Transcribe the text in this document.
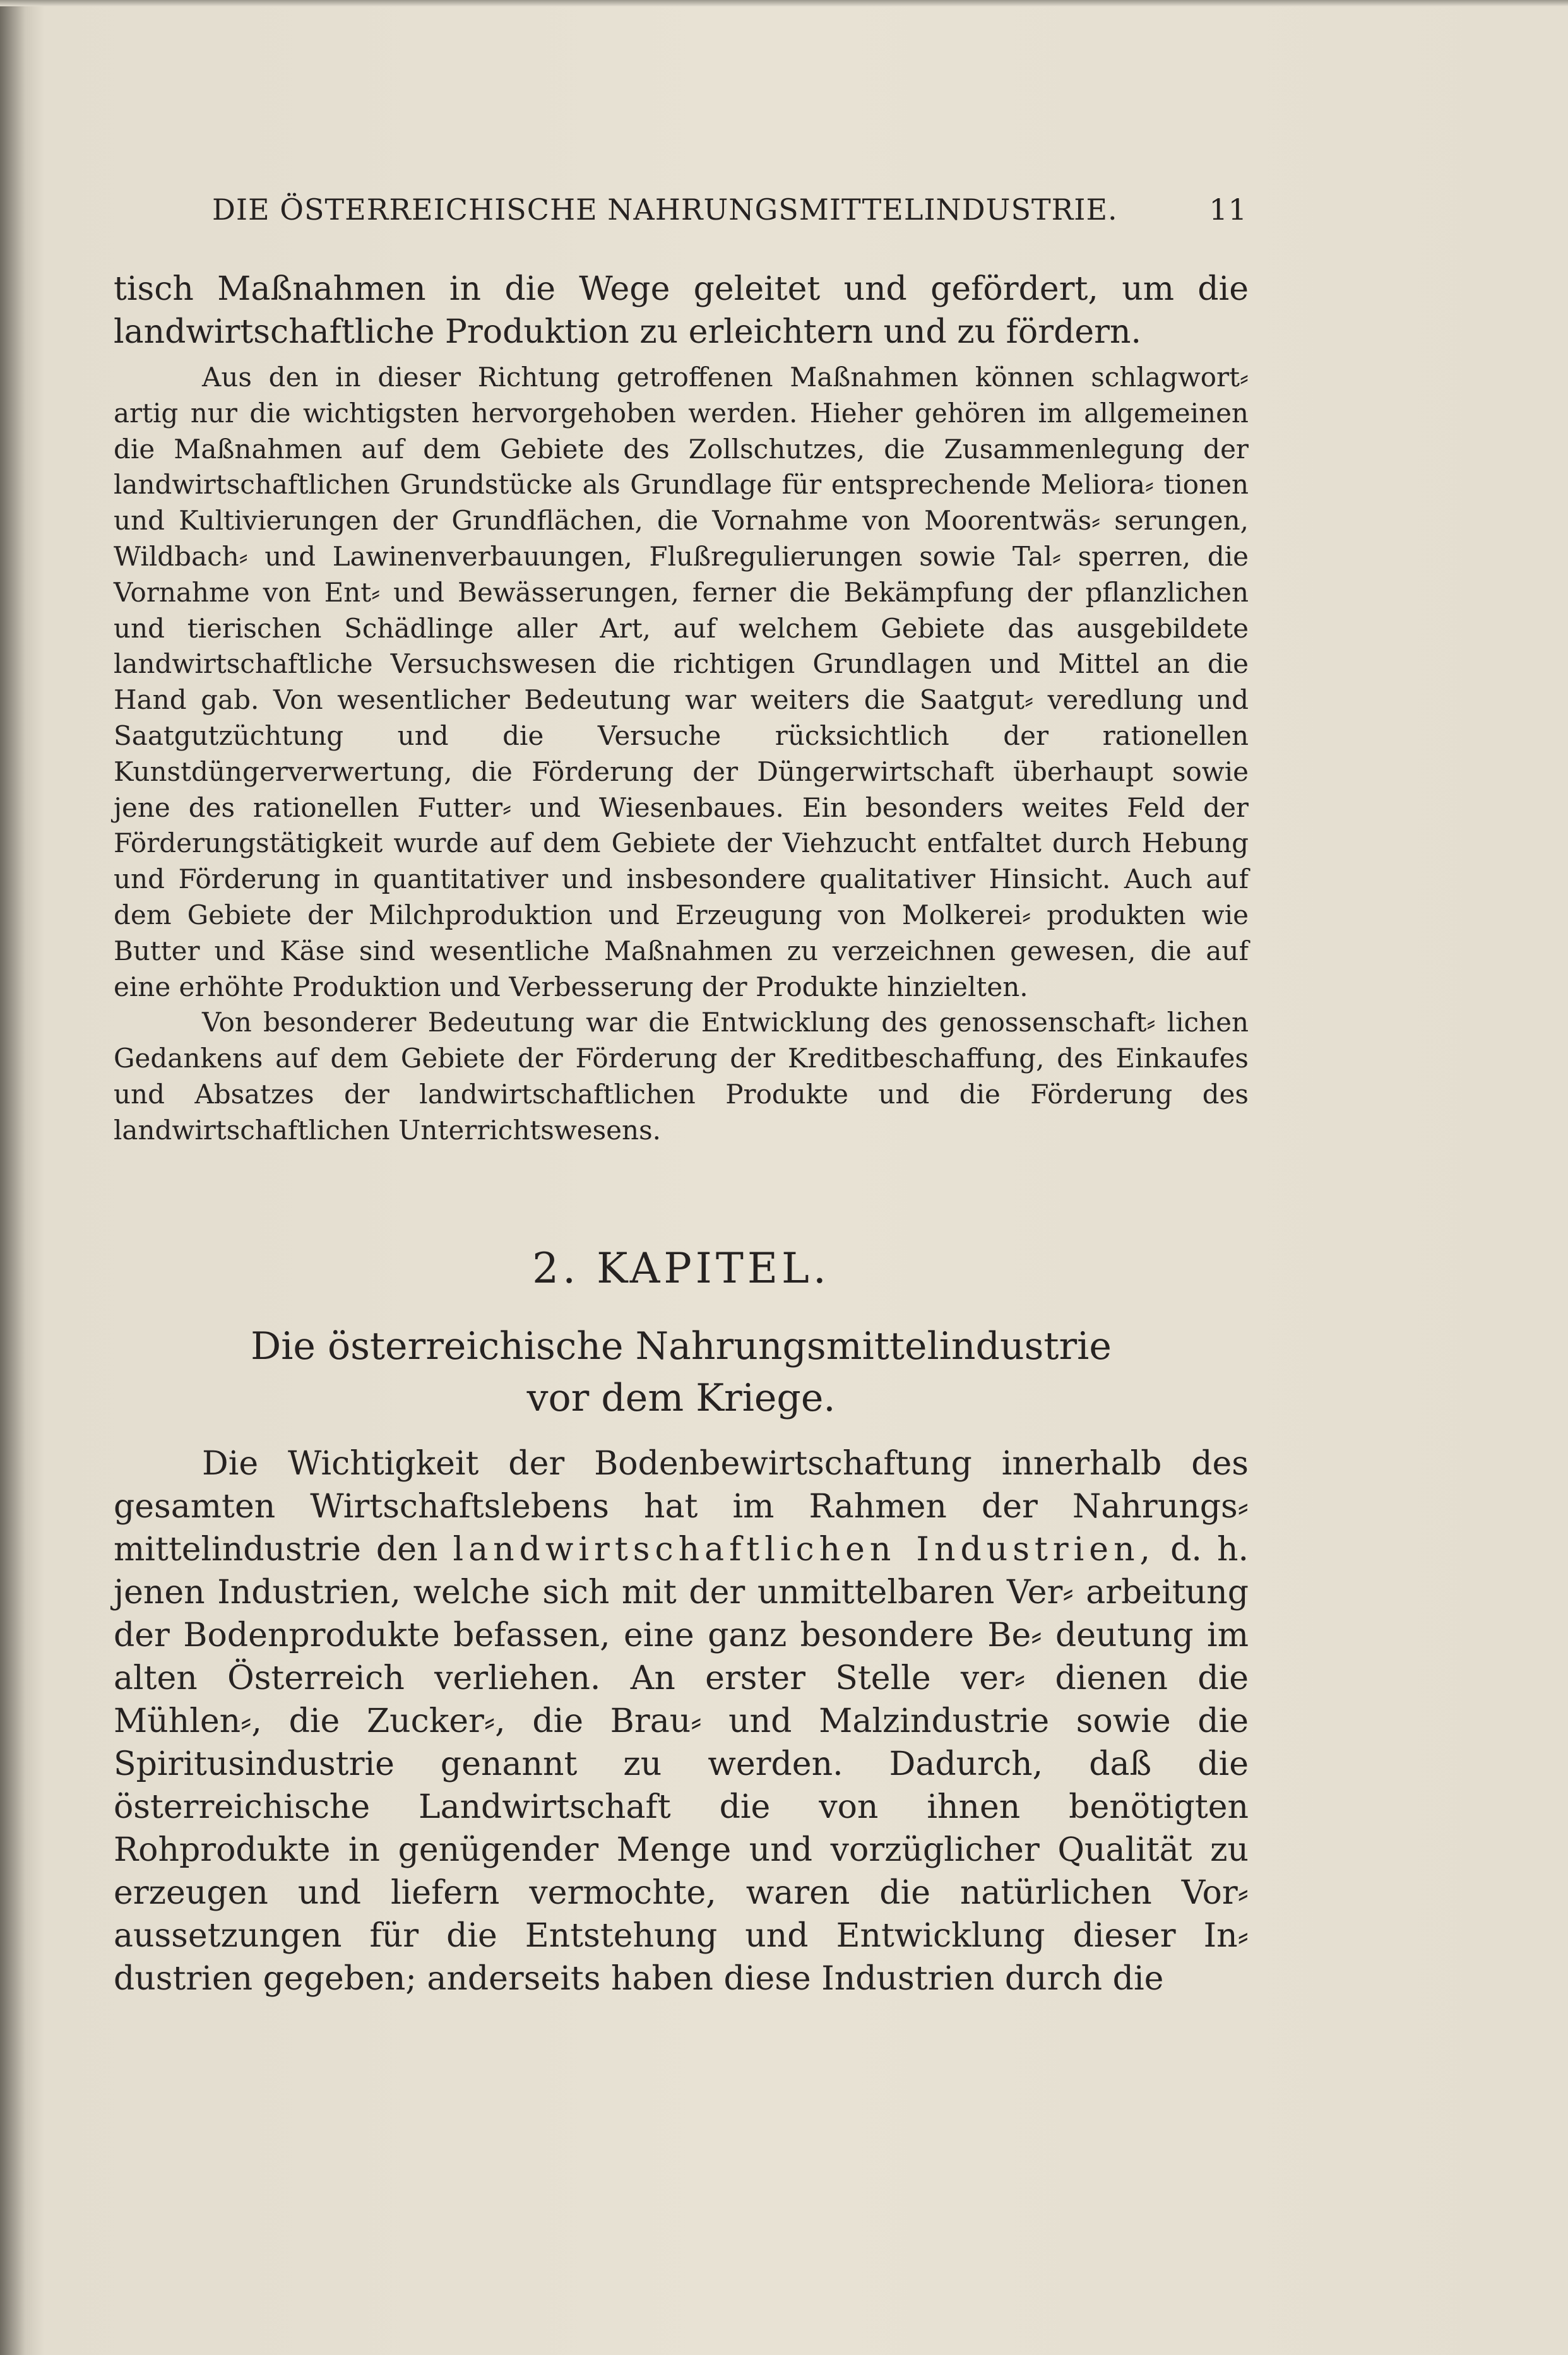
DIE ÖSTERREICHISCHE NAHRUNGSMITTELINDUSTRIE.	11

tisch Maßnahmen in die Wege geleitet und gefördert, um die landwirtschaftliche Produktion zu erleichtern und zu fördern.

Aus den in dieser Richtung getroffenen Maßnahmen können schlagwort⸗ artig nur die wichtigsten hervorgehoben werden. Hieher gehören im allgemeinen die Maßnahmen auf dem Gebiete des Zollschutzes, die Zusammenlegung der landwirtschaftlichen Grundstücke als Grundlage für entsprechende Meliora⸗ tionen und Kultivierungen der Grundflächen, die Vornahme von Moorentwäs⸗ serungen, Wildbach⸗ und Lawinenverbauungen, Flußregulierungen sowie Tal⸗ sperren, die Vornahme von Ent⸗ und Bewässerungen, ferner die Bekämpfung der pflanzlichen und tierischen Schädlinge aller Art, auf welchem Gebiete das ausgebildete landwirtschaftliche Versuchswesen die richtigen Grundlagen und Mittel an die Hand gab. Von wesentlicher Bedeutung war weiters die Saatgut⸗ veredlung und Saatgutzüchtung und die Versuche rücksichtlich der rationellen Kunstdüngerverwertung, die Förderung der Düngerwirtschaft überhaupt sowie jene des rationellen Futter⸗ und Wiesenbaues. Ein besonders weites Feld der Förderungstätigkeit wurde auf dem Gebiete der Viehzucht entfaltet durch Hebung und Förderung in quantitativer und insbesondere qualitativer Hinsicht. Auch auf dem Gebiete der Milchproduktion und Erzeugung von Molkerei⸗ produkten wie Butter und Käse sind wesentliche Maßnahmen zu verzeichnen gewesen, die auf eine erhöhte Produktion und Verbesserung der Produkte hinzielten.

Von besonderer Bedeutung war die Entwicklung des genossenschaft⸗ lichen Gedankens auf dem Gebiete der Förderung der Kreditbeschaffung, des Einkaufes und Absatzes der landwirtschaftlichen Produkte und die Förderung des landwirtschaftlichen Unterrichtswesens.

2. KAPITEL.
Die österreichische Nahrungsmittelindustrie
vor dem Kriege.

Die Wichtigkeit der Bodenbewirtschaftung innerhalb des gesamten Wirtschaftslebens hat im Rahmen der Nahrungs⸗ mittelindustrie den landwirtschaftlichen Industrien, d. h. jenen Industrien, welche sich mit der unmittelbaren Ver⸗ arbeitung der Bodenprodukte befassen, eine ganz besondere Be⸗ deutung im alten Österreich verliehen. An erster Stelle ver⸗ dienen die Mühlen⸗, die Zucker⸗, die Brau⸗ und Malzindustrie sowie die Spiritusindustrie genannt zu werden. Dadurch, daß die österreichische Landwirtschaft die von ihnen benötigten Rohprodukte in genügender Menge und vorzüglicher Qualität zu erzeugen und liefern vermochte, waren die natürlichen Vor⸗ aussetzungen für die Entstehung und Entwicklung dieser In⸗ dustrien gegeben; anderseits haben diese Industrien durch die
